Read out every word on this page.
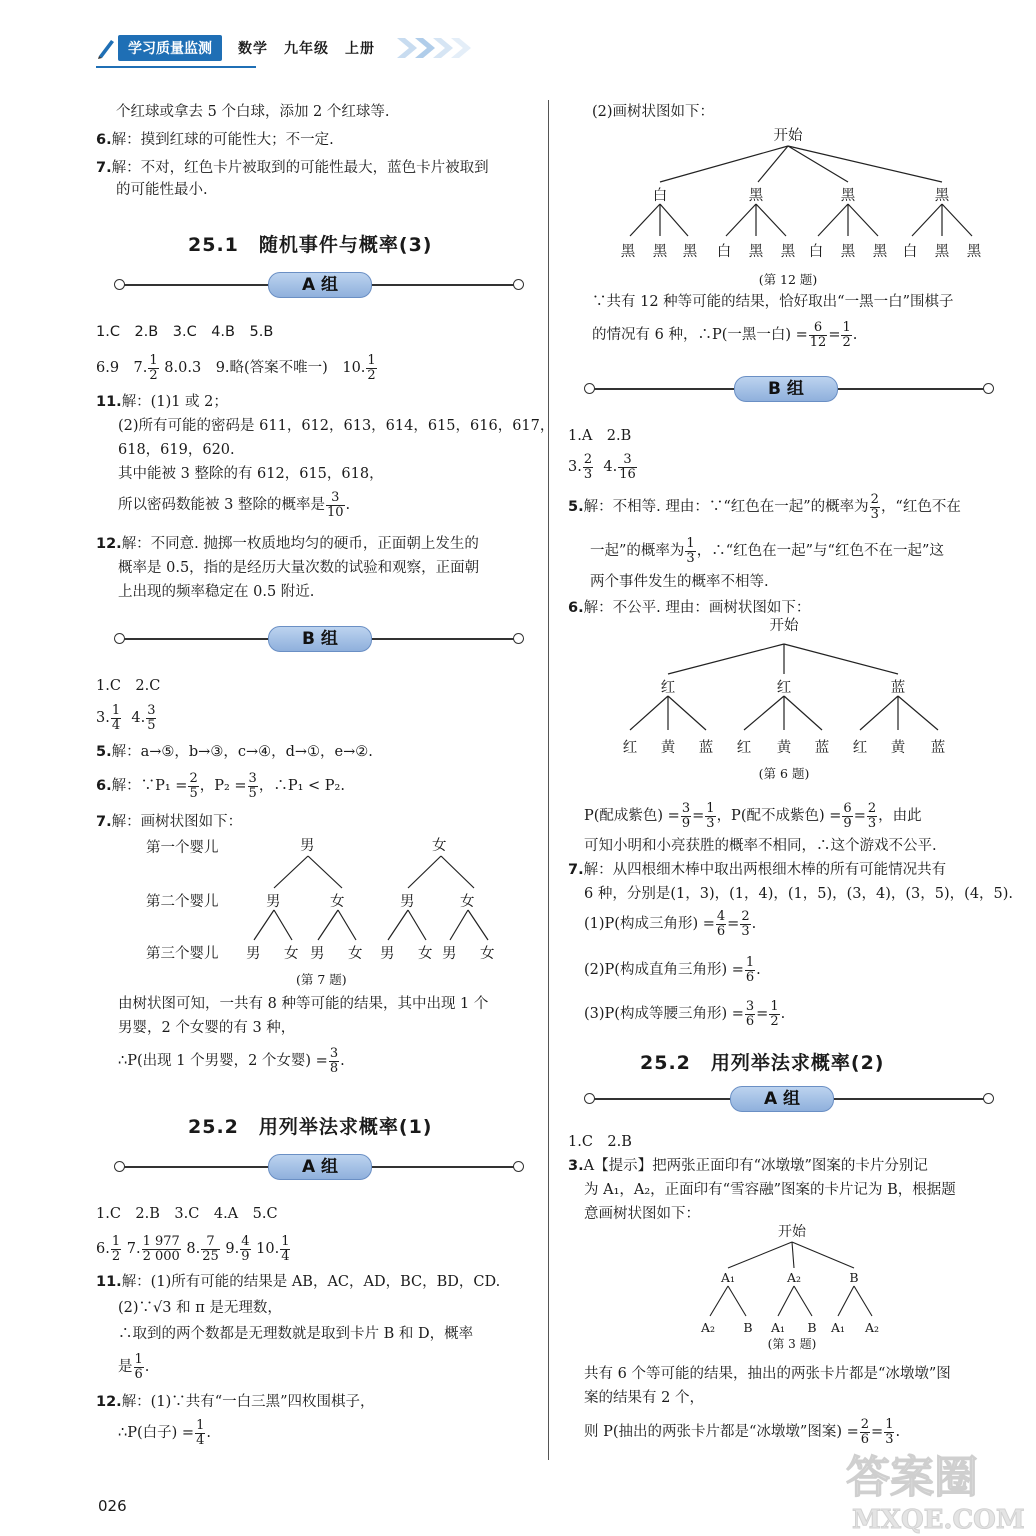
学习质量监测	数学 九年级 上册
个红球或拿去 5 个白球，添加 2 个红球等.
6.解：摸到红球的可能性大；不一定.
7.解：不对，红色卡片被取到的可能性最大，蓝色卡片被取到
的可能性最小.
25.1　随机事件与概率(3)
A 组
1.C　2.B　3.C　4.B　5.B
6.9　7. $\frac{1}{2} 8.0.3$　9.略(答案不唯一)　10. $\frac{1}{2}$
11.解：(1)1 或 2；
(2)所有可能的密码是 611，612，613，614，615，616，617，
618，619，620.
其中能被 3 整除的有 612，615，618，
所以密码数能被 3 整除的概率是 $\frac{3}{10}$ .
12.解：不同意. 抛掷一枚质地均匀的硬币，正面朝上发生的
概率是 0.5，指的是经历大量次数的试验和观察，正面朝
上出现的频率稳定在 0.5 附近.
B 组
1.C　2.C
3. $\frac{1}{4} 4$. $\frac{3}{5}$
5.解：a→⑤，b→③，c→④，d→①，e→②.
6.解：∵P₁ = $\frac{2}{5}$ ，$P_2 = \frac{3}{5}$ ，∴P₁ < P₂.
7.解：画树状图如下：
第一个婴儿
第二个婴儿
第三个婴儿
男	女
男	女	男	女
男 女 男 女 男 女 男 女
(第 7 题)
由树状图可知，一共有 8 种等可能的结果，其中出现 1 个
男婴，2 个女婴的有 3 种，
∴P(出现 1 个男婴，2 个女婴) = $\frac{3}{8}$ .
25.2　用列举法求概率(1)
A 组
1.C　2.B　3.C　4.A　5.C
6. $\frac{1}{2} 7$. $\frac{1 977}{2 000} 8$. $\frac{7}{25} 9$. $\frac{4}{9} 10$. $\frac{1}{4}$
11.解：(1)所有可能的结果是 AB，AC，AD，BC，BD，CD.
(2)∵√3 和 π 是无理数，
∴取到的两个数都是无理数就是取到卡片 B 和 D，概率
是 $\frac{1}{6}$ .
12.解：(1)∵共有“一白三黑”四枚围棋子，
∴P(白子) = $\frac{1}{4}$ .
(2)画树状图如下：
开始
白	黑	黑	黑
黑 黑 黑 白 黑 黑 白 黑 黑 白 黑 黑
(第 12 题)
∵共有 12 种等可能的结果，恰好取出“一黑一白”围棋子
的情况有 6 种，∴P(一黑一白) = $\frac{6}{12} = \frac{1}{2}$ .
B 组
1.A　2.B
3. $\frac{2}{3} 4$. $\frac{3}{16}$
5.解：不相等. 理由：∵“红色在一起”的概率为 $\frac{2}{3}$ ，“红色不在
一起”的概率为 $\frac{1}{3}$ ，∴“红色在一起”与“红色不在一起”这
两个事件发生的概率不相等.
6.解：不公平. 理由：画树状图如下：
开始
红	红	蓝
红 黄 蓝 红 黄 蓝 红 黄 蓝
(第 6 题)
P(配成紫色) = $\frac{3}{9} = \frac{1}{3}$ ，P(配不成紫色) = $\frac{6}{9} = \frac{2}{3}$ ，由此
可知小明和小亮获胜的概率不相同，∴这个游戏不公平.
7.解：从四根细木棒中取出两根细木棒的所有可能情况共有
6 种，分别是(1，3)，(1，4)，(1，5)，(3，4)，(3，5)，(4，5).
(1)P(构成三角形) = $\frac{4}{6} = \frac{2}{3}$ .
(2)P(构成直角三角形) = $\frac{1}{6}$ .
(3)P(构成等腰三角形) = $\frac{3}{6} = \frac{1}{2}$ .
25.2　用列举法求概率(2)
A 组
1.C　2.B
3.A【提示】把两张正面印有“冰墩墩”图案的卡片分别记
为 A₁，A₂，正面印有“雪容融”图案的卡片记为 B，根据题
意画树状图如下：
开始
A₁	A₂	B
A₂ B A₁ B A₁ A₂
(第 3 题)
共有 6 个等可能的结果，抽出的两张卡片都是“冰墩墩”图
案的结果有 2 个，
则 P(抽出的两张卡片都是“冰墩墩”图案) = $\frac{2}{6} = \frac{1}{3}$ .
026
答案圈
MXQE.COM
